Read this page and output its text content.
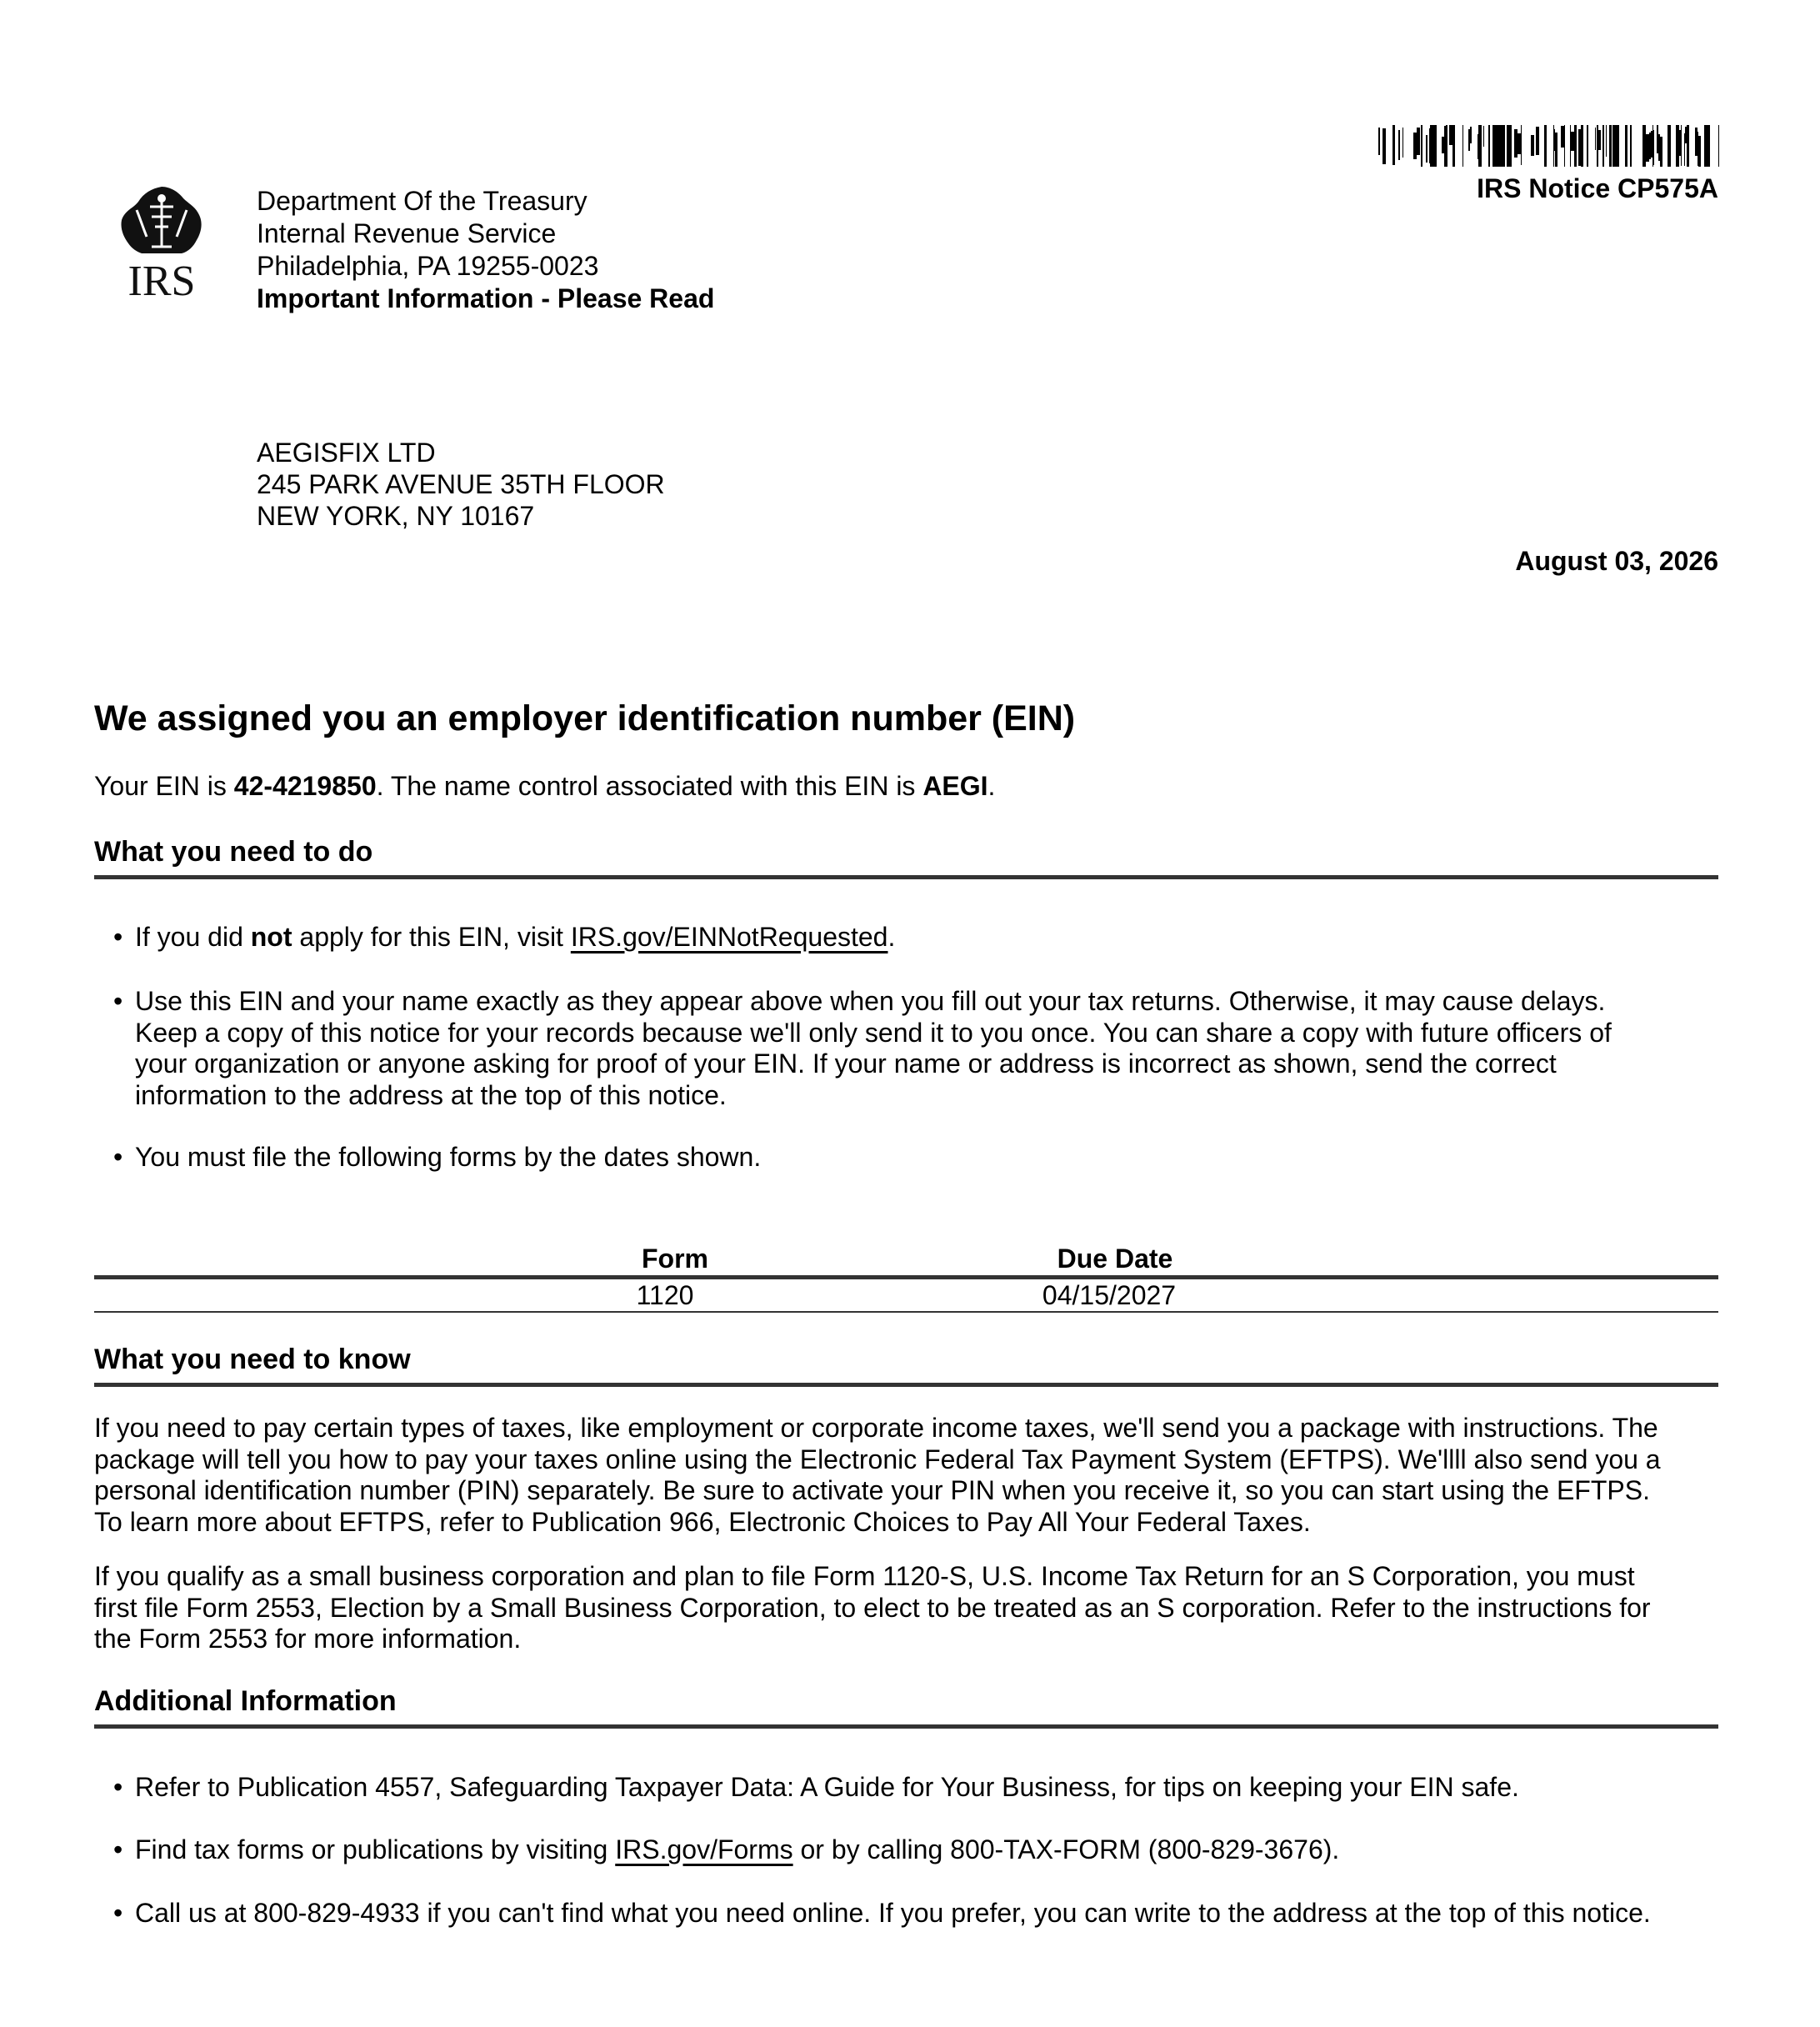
IRS
Department Of the Treasury
Internal Revenue Service
Philadelphia, PA 19255-0023
Important Information - Please Read
IRS Notice CP575A
AEGISFIX LTD
245 PARK AVENUE 35TH FLOOR
NEW YORK, NY 10167
August 03, 2026
We assigned you an employer identification number (EIN)
Your EIN is 42-4219850. The name control associated with this EIN is AEGI.
What you need to do
• If you did not apply for this EIN, visit IRS.gov/EINNotRequested.
• Use this EIN and your name exactly as they appear above when you fill out your tax returns. Otherwise, it may cause delays.
Keep a copy of this notice for your records because we'll only send it to you once. You can share a copy with future officers of
your organization or anyone asking for proof of your EIN. If your name or address is incorrect as shown, send the correct
information to the address at the top of this notice.
• You must file the following forms by the dates shown.
Form	Due Date
1120	04/15/2027
What you need to know
If you need to pay certain types of taxes, like employment or corporate income taxes, we'll send you a package with instructions. The
package will tell you how to pay your taxes online using the Electronic Federal Tax Payment System (EFTPS). We'llll also send you a
personal identification number (PIN) separately. Be sure to activate your PIN when you receive it, so you can start using the EFTPS.
To learn more about EFTPS, refer to Publication 966, Electronic Choices to Pay All Your Federal Taxes.
If you qualify as a small business corporation and plan to file Form 1120-S, U.S. Income Tax Return for an S Corporation, you must
first file Form 2553, Election by a Small Business Corporation, to elect to be treated as an S corporation. Refer to the instructions for
the Form 2553 for more information.
Additional Information
• Refer to Publication 4557, Safeguarding Taxpayer Data: A Guide for Your Business, for tips on keeping your EIN safe.
• Find tax forms or publications by visiting IRS.gov/Forms or by calling 800-TAX-FORM (800-829-3676).
• Call us at 800-829-4933 if you can't find what you need online. If you prefer, you can write to the address at the top of this notice.
